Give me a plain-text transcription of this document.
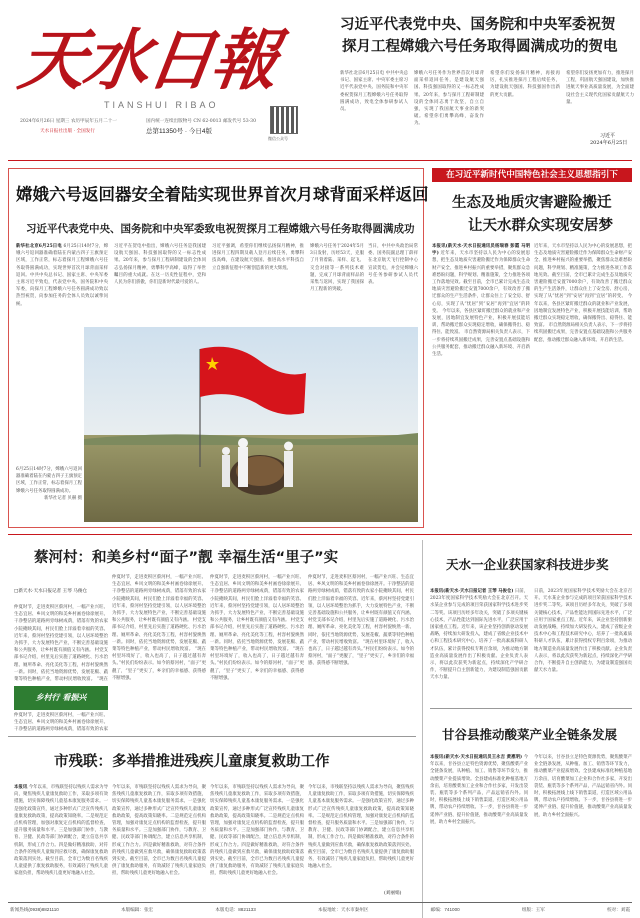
天水日報
TIANSHUI RIBAO
2024年6月26日 星期三 农历甲辰年五月二十一
天水日报社出版 · 全国发行
国内统一连续出版物号 CN 62-0013 邮发代号 53-30
总第11350号 · 今日4版
微信公众号
习近平代表党中央、国务院和中央军委祝贺
探月工程嫦娥六号任务取得圆满成功的贺电
新华社北京6月25日电 中共中央总书记、国家主席、中央军委主席习近平代表党中央、国务院和中央军委祝贺探月工程嫦娥六号任务取得圆满成功，致电全体参研参试人员。
嫦娥六号任务作为世界首次月球背面采样返回任务，是建设航天强国、科技强国取得的又一标志性成果。20年来，参与探月工程研制建设的全体同志勇于攻坚，自立自强，实现了我国航天事业的新突破。希望你们勇攀高峰，奋发作为。
希望你们发扬探月精神，再接再厉，扎实推进探月工程后续任务，为建设航天强国、科技强国作出新的更大贡献。
希望你们发扬更加有力，推进探月工程，巩固航天强国建设，加快推进航天事业高质量发展，为全面建设社会主义现代化国家贡献航天力量。
习近平
2024年6月25日
嫦娥六号返回器安全着陆实现世界首次月球背面采样返回
习近平代表党中央、国务院和中央军委致电祝贺探月工程嫦娥六号任务取得圆满成功
新华社北京6月25日电 6月25日14时7分，嫦娥六号返回器准确着陆在内蒙古四子王旗预定区域，工作正常，标志着探月工程嫦娥六号任务取得圆满成功，实现世界首次月球背面采样返回。中共中央总书记、国家主席、中央军委主席习近平致电，代表党中央、国务院和中央军委，向探月工程嫦娥六号任务圆满成功致以热烈祝贺，向参加任务的全体人员致以诚挚问候。
习近平在贺电中指出，嫦娥六号任务是我国建设航天强国、科技强国取得的又一标志性成果。20年来，参与探月工程研制建设的全体同志弘扬探月精神，勇攀科学高峰，取得了举世瞩目的重大成就。在这一历史性征程中，党和人民为你们骄傲，你们是新时代最可爱的人。
习近平强调，希望你们继续弘扬探月精神，推进探月工程四期及载人登月后续任务，勇攀科技高峰，在建设航天强国、推进高水平科技自立自强新征程中不断创造新的更大辉煌。
嫦娥六号任务于2024年5月3日发射，历经53天，克服了月背着陆、采样、起飞、交会对接等一系列技术难题，完成了月球背面样品的采集与返回，实现了我国探月工程新的突破。
当日，中共中央政治局常委、国务院副总理丁薛祥在北京航天飞行控制中心宣读贺电，并会见嫦娥六号任务参研参试人员代表。
6月25日14时7分，嫦娥六号返回器准确着陆在内蒙古四子王旗预定区域，工作正常，标志着探月工程嫦娥六号任务取得圆满成功。
新华社记者 贝赫 摄
在习近平新时代中国特色社会主义思想指引下
生态及地质灾害避险搬迁
让天水群众实现安居梦
本报讯(新天水·天水日报通讯员杨瑞春 彭霞 马明宇) 近年来，天水市坚持以人民为中心的发展思想，把生态及地质灾害避险搬迁作为保障群众生命财产安全、推进乡村振兴的重要举措，聚焦群众急难愁盼问题，科学规划、精准施策，全力推进各项工作落地见效。截至目前，全市已累计完成生态及地质灾害避险搬迁安置7000余户，有效改善了搬迁群众的生产生活条件，让群众住上了安全房、舒心房，实现了从“忧居”到“安居”再到“宜居”的转变。 今年以来，各县区紧盯搬迁群众的就业和产业发展，因地制宜发展特色产业，积极开展技能培训，帮助搬迁群众实现稳定增收，确保搬得出、稳得住、能致富。 市自然资源局相关负责人表示，下一步将持续巩固搬迁成果，完善安置点基础设施和公共服务配套，推动搬迁群众融入新环境、开启新生活。
近年来，天水市坚持以人民为中心的发展思想，把生态及地质灾害避险搬迁作为保障群众生命财产安全、推进乡村振兴的重要举措，聚焦群众急难愁盼问题，科学规划、精准施策，全力推进各项工作落地见效。截至目前，全市已累计完成生态及地质灾害避险搬迁安置7000余户，有效改善了搬迁群众的生产生活条件，让群众住上了安全房、舒心房，实现了从“忧居”到“安居”再到“宜居”的转变。 今年以来，各县区紧盯搬迁群众的就业和产业发展，因地制宜发展特色产业，积极开展技能培训，帮助搬迁群众实现稳定增收，确保搬得出、稳得住、能致富。 市自然资源局相关负责人表示，下一步将持续巩固搬迁成果，完善安置点基础设施和公共服务配套，推动搬迁群众融入新环境、开启新生活。
蔡河村：和美乡村“面子”靓 幸福生活“里子”实
□新天水·天水日报记者 王琴 马俊仓
仲夏时节，走进麦积区蔡河村，一幅产业兴旺、生态宜居、乡风文明的和美乡村画卷徐徐展开。干净整洁的道路两旁绿树成荫，错落有致的农家小院掩映其间，村民们脸上洋溢着幸福的笑容。近年来，蔡河村坚持党建引领，以人居环境整治为抓手，大力发展特色产业，不断完善基础设施和公共服务，让乡村既有颜值又有内涵。 村党支部书记介绍，村里先后实施了道路硬化、污水治理、厕所革命、亮化美化等工程，村容村貌焕然一新。同时，依托当地资源优势，发展花椒、蔬菜等特色种植产业，带动村民增收致富。 “现在
仲夏时节，走进麦积区蔡河村，一幅产业兴旺、生态宜居、乡风文明的和美乡村画卷徐徐展开。干净整洁的道路两旁绿树成荫，错落有致的农家小院掩映其间，村民们脸上洋溢着幸福的笑容。近年来，蔡河村坚持党建引领，以人居环境整治为抓手，大力发展特色产业，不断完善基础设施和公共服务，让乡村既有颜值又有内涵。 村党支部书记介绍，村里先后实施了道路硬化、污水治理、厕所革命、亮化美化等工程，村容村貌焕然一新。同时，依托当地资源优势，发展花椒、蔬菜等特色种植产业，带动村民增收致富。 “现在村里环境好了，收入也高了，日子越过越有奔头。”村民们纷纷表示。如今的蔡河村，“面子”更靓了，“里子”更实了，乡亲们的幸福感、获得感不断增强。
仲夏时节，走进麦积区蔡河村，一幅产业兴旺、生态宜居、乡风文明的和美乡村画卷徐徐展开。干净整洁的道路两旁绿树成荫，错落有致的农家小院掩映其间，村民们脸上洋溢着幸福的笑容。近年来，蔡河村坚持党建引领，以人居环境整治为抓手，大力发展特色产业，不断完善基础设施和公共服务，让乡村既有颜值又有内涵。 村党支部书记介绍，村里先后实施了道路硬化、污水治理、厕所革命、亮化美化等工程，村容村貌焕然一新。同时，依托当地资源优势，发展花椒、蔬菜等特色种植产业，带动村民增收致富。 “现在村里环境好了，收入也高了，日子越过越有奔头。”村民们纷纷表示。如今的蔡河村，“面子”更靓了，“里子”更实了，乡亲们的幸福感、获得感不断增强。
仲夏时节，走进麦积区蔡河村，一幅产业兴旺、生态宜居、乡风文明的和美乡村画卷徐徐展开。干净整洁的道路两旁绿树成荫，错落有致的农家小院掩映其间，村民们脸上洋溢着幸福的笑容。近年来，蔡河村坚持党建引领，以人居环境整治为抓手，大力发展特色产业，不断完善基础设施和公共服务，让乡村既有颜值又有内涵。 村党支部书记介绍，村里先后实施了道路硬化、污水治理、厕所革命、亮化美化等工程，村容村貌焕然一新。同时，依托当地资源优势，发展花椒、蔬菜等特色种植产业，带动村民增收致富。 “现在村里环境好了，收入也高了，日子越过越有奔头。”村民们纷纷表示。如今的蔡河村，“面子”更靓了，“里子”更实了，乡亲们的幸福感、获得感不断增强。
乡村行 看振兴
仲夏时节，走进麦积区蔡河村，一幅产业兴旺、生态宜居、乡风文明的和美乡村画卷徐徐展开。干净整洁的道路两旁绿树成荫，错落有致的农家
天水一企业获国家科技进步奖
本报讯(新天水·天水日报记者 王琴 马俊仓) 日前，2023年度国家科学技术奖励大会在北京召开。天水某企业参与完成的项目荣获国家科学技术进步奖二等奖。该项目历经多年攻关，突破了多项关键核心技术，产品性能达到国际先进水平，广泛应用于国家重点工程。近年来，该企业坚持创新驱动发展战略，持续加大研发投入，建成了省级企业技术中心和工程技术研究中心，培养了一批高素质科研人才队伍，累计获得授权专利百余项，为推动地方制造业高质量发展作出了积极贡献。企业负责人表示，将以此次获奖为新起点，持续深化产学研合作，不断提升自主创新能力，为建设制造强国贡献天水力量。
日前，2023年度国家科学技术奖励大会在北京召开。天水某企业参与完成的项目荣获国家科学技术进步奖二等奖。该项目历经多年攻关，突破了多项关键核心技术，产品性能达到国际先进水平，广泛应用于国家重点工程。近年来，该企业坚持创新驱动发展战略，持续加大研发投入，建成了省级企业技术中心和工程技术研究中心，培养了一批高素质科研人才队伍，累计获得授权专利百余项，为推动地方制造业高质量发展作出了积极贡献。企业负责人表示，将以此次获奖为新起点，持续深化产学研合作，不断提升自主创新能力，为建设制造强国贡献天水力量。
甘谷县推动酸菜产业全链条发展
本报讯(新天水·天水日报通讯员王永吉 黄惠明) 今年以来，甘谷县立足特色资源优势，聚焦酸菜产业全链条发展，从种植、加工、销售等环节发力，推动酸菜产业提质增效。全县建成标准化种植基地万余亩，培育酸菜加工企业和合作社多家，开发出袋装、瓶装等多个系列产品，产品远销省内外。同时，积极拓展线上线下销售渠道，打造区域公用品牌，带动农户持续增收。下一步，甘谷县将进一步延伸产业链、提升价值链，推动酸菜产业高质量发展，助力乡村全面振兴。
今年以来，甘谷县立足特色资源优势，聚焦酸菜产业全链条发展，从种植、加工、销售等环节发力，推动酸菜产业提质增效。全县建成标准化种植基地万余亩，培育酸菜加工企业和合作社多家，开发出袋装、瓶装等多个系列产品，产品远销省内外。同时，积极拓展线上线下销售渠道，打造区域公用品牌，带动农户持续增收。下一步，甘谷县将进一步延伸产业链、提升价值链，推动酸菜产业高质量发展，助力乡村全面振兴。
市残联：多举措推进残疾儿童康复救助工作
本报讯 今年以来，市残联坚持以残疾人需求为导向，聚焦残疾儿童康复救助工作，采取多项有效措施，切实保障残疾儿童基本康复服务需求。一是强化政策宣传，通过多种形式广泛宣传残疾儿童康复救助政策，提高政策知晓率。二是规范定点机构管理，加强对康复定点机构的监督检查，提升服务质量和水平。三是加强部门协作，与教育、卫健、民政等部门协调配合，建立信息共享机制，形成工作合力。四是做好精准救助，对符合条件的残疾儿童做到应救尽救，确保康复救助政策落到实处。截至目前，全市已为数百名残疾儿童提供了康复救助服务，有效减轻了残疾儿童家庭负担，帮助残疾儿童更好地融入社会。
今年以来，市残联坚持以残疾人需求为导向，聚焦残疾儿童康复救助工作，采取多项有效措施，切实保障残疾儿童基本康复服务需求。一是强化政策宣传，通过多种形式广泛宣传残疾儿童康复救助政策，提高政策知晓率。二是规范定点机构管理，加强对康复定点机构的监督检查，提升服务质量和水平。三是加强部门协作，与教育、卫健、民政等部门协调配合，建立信息共享机制，形成工作合力。四是做好精准救助，对符合条件的残疾儿童做到应救尽救，确保康复救助政策落到实处。截至目前，全市已为数百名残疾儿童提供了康复救助服务，有效减轻了残疾儿童家庭负担，帮助残疾儿童更好地融入社会。
今年以来，市残联坚持以残疾人需求为导向，聚焦残疾儿童康复救助工作，采取多项有效措施，切实保障残疾儿童基本康复服务需求。一是强化政策宣传，通过多种形式广泛宣传残疾儿童康复救助政策，提高政策知晓率。二是规范定点机构管理，加强对康复定点机构的监督检查，提升服务质量和水平。三是加强部门协作，与教育、卫健、民政等部门协调配合，建立信息共享机制，形成工作合力。四是做好精准救助，对符合条件的残疾儿童做到应救尽救，确保康复救助政策落到实处。截至目前，全市已为数百名残疾儿童提供了康复救助服务，有效减轻了残疾儿童家庭负担，帮助残疾儿童更好地融入社会。
今年以来，市残联坚持以残疾人需求为导向，聚焦残疾儿童康复救助工作，采取多项有效措施，切实保障残疾儿童基本康复服务需求。一是强化政策宣传，通过多种形式广泛宣传残疾儿童康复救助政策，提高政策知晓率。二是规范定点机构管理，加强对康复定点机构的监督检查，提升服务质量和水平。三是加强部门协作，与教育、卫健、民政等部门协调配合，建立信息共享机制，形成工作合力。四是做好精准救助，对符合条件的残疾儿童做到应救尽救，确保康复救助政策落到实处。截至目前，全市已为数百名残疾儿童提供了康复救助服务，有效减轻了残疾儿童家庭负担，帮助残疾儿童更好地融入社会。
(刘丽娟)
新闻热线(0938)8821110	本版编辑：张宏	本版电话：8821133	本报地址：天水市秦州区	邮编：741000	组版：王军	校对：刘霞
